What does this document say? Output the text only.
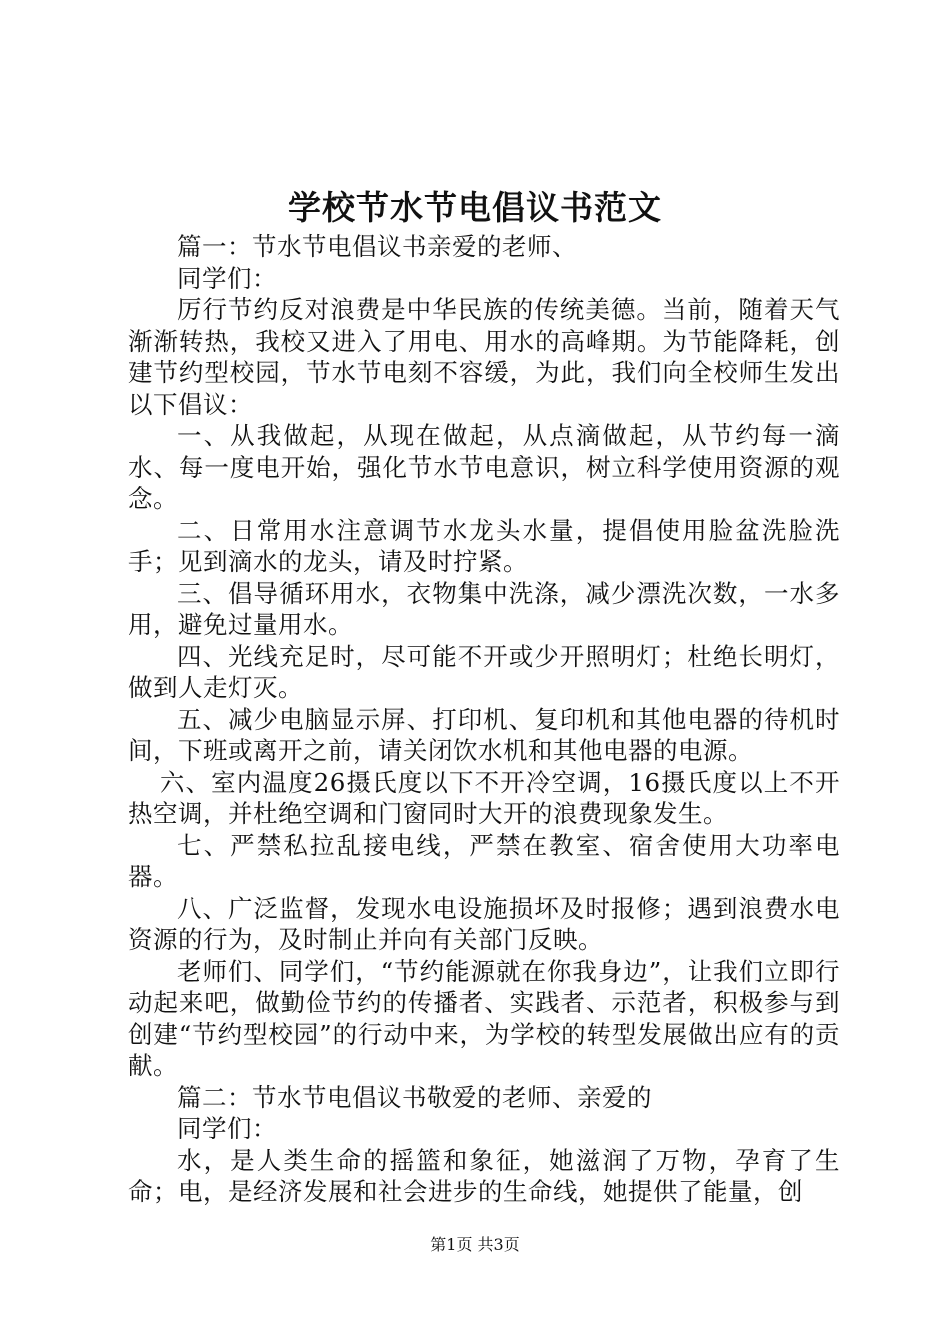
学校节水节电倡议书范文

篇一：节水节电倡议书亲爱的老师、

同学们：

厉行节约反对浪费是中华民族的传统美德。当前，随着天气渐渐转热，我校又进入了用电、用水的高峰期。为节能降耗，创建节约型校园，节水节电刻不容缓，为此，我们向全校师生发出以下倡议：

一、从我做起，从现在做起，从点滴做起，从节约每一滴水、每一度电开始，强化节水节电意识，树立科学使用资源的观念。

二、日常用水注意调节水龙头水量，提倡使用脸盆洗脸洗手；见到滴水的龙头，请及时拧紧。

三、倡导循环用水，衣物集中洗涤，减少漂洗次数，一水多用，避免过量用水。

四、光线充足时，尽可能不开或少开照明灯；杜绝长明灯，做到人走灯灭。

五、减少电脑显示屏、打印机、复印机和其他电器的待机时间，下班或离开之前，请关闭饮水机和其他电器的电源。

六、室内温度26摄氏度以下不开冷空调，16摄氏度以上不开热空调，并杜绝空调和门窗同时大开的浪费现象发生。

七、严禁私拉乱接电线，严禁在教室、宿舍使用大功率电器。

八、广泛监督，发现水电设施损坏及时报修；遇到浪费水电资源的行为，及时制止并向有关部门反映。

老师们、同学们，“节约能源就在你我身边”，让我们立即行动起来吧，做勤俭节约的传播者、实践者、示范者，积极参与到创建“节约型校园”的行动中来，为学校的转型发展做出应有的贡献。

篇二：节水节电倡议书敬爱的老师、亲爱的

同学们：

水，是人类生命的摇篮和象征，她滋润了万物，孕育了生命；电，是经济发展和社会进步的生命线，她提供了能量，创

第1页 共3页
